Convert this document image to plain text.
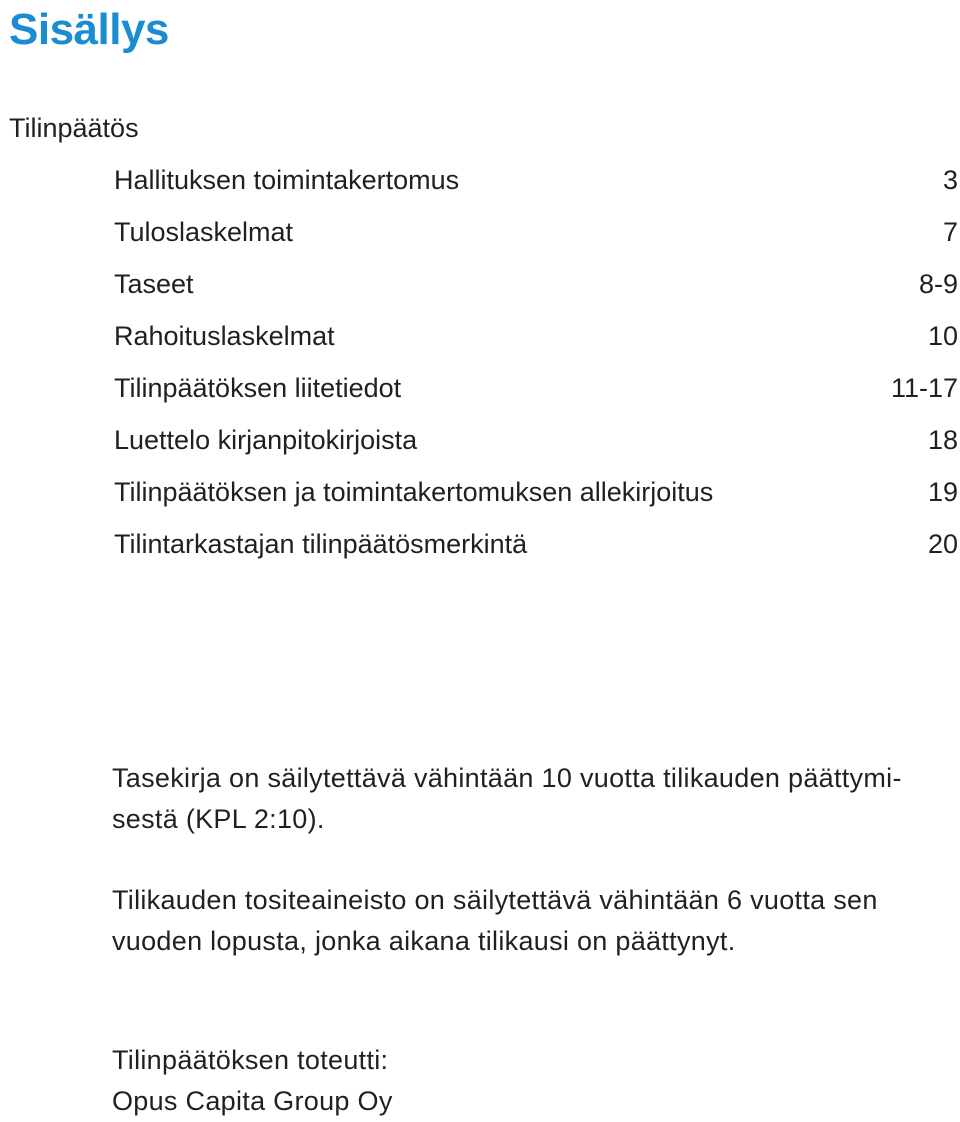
Sisällys
Tilinpäätös
Hallituksen toimintakertomus	3
Tuloslaskelmat	7
Taseet	8-9
Rahoituslaskelmat	10
Tilinpäätöksen liitetiedot	11-17
Luettelo kirjanpitokirjoista	18
Tilinpäätöksen ja toimintakertomuksen allekirjoitus	19
Tilintarkastajan tilinpäätösmerkintä	20

Tasekirja on säilytettävä vähintään 10 vuotta tilikauden päättymi-
sestä (KPL 2:10).

Tilikauden tositeaineisto on säilytettävä vähintään 6 vuotta sen
vuoden lopusta, jonka aikana tilikausi on päättynyt.

Tilinpäätöksen toteutti:
Opus Capita Group Oy
